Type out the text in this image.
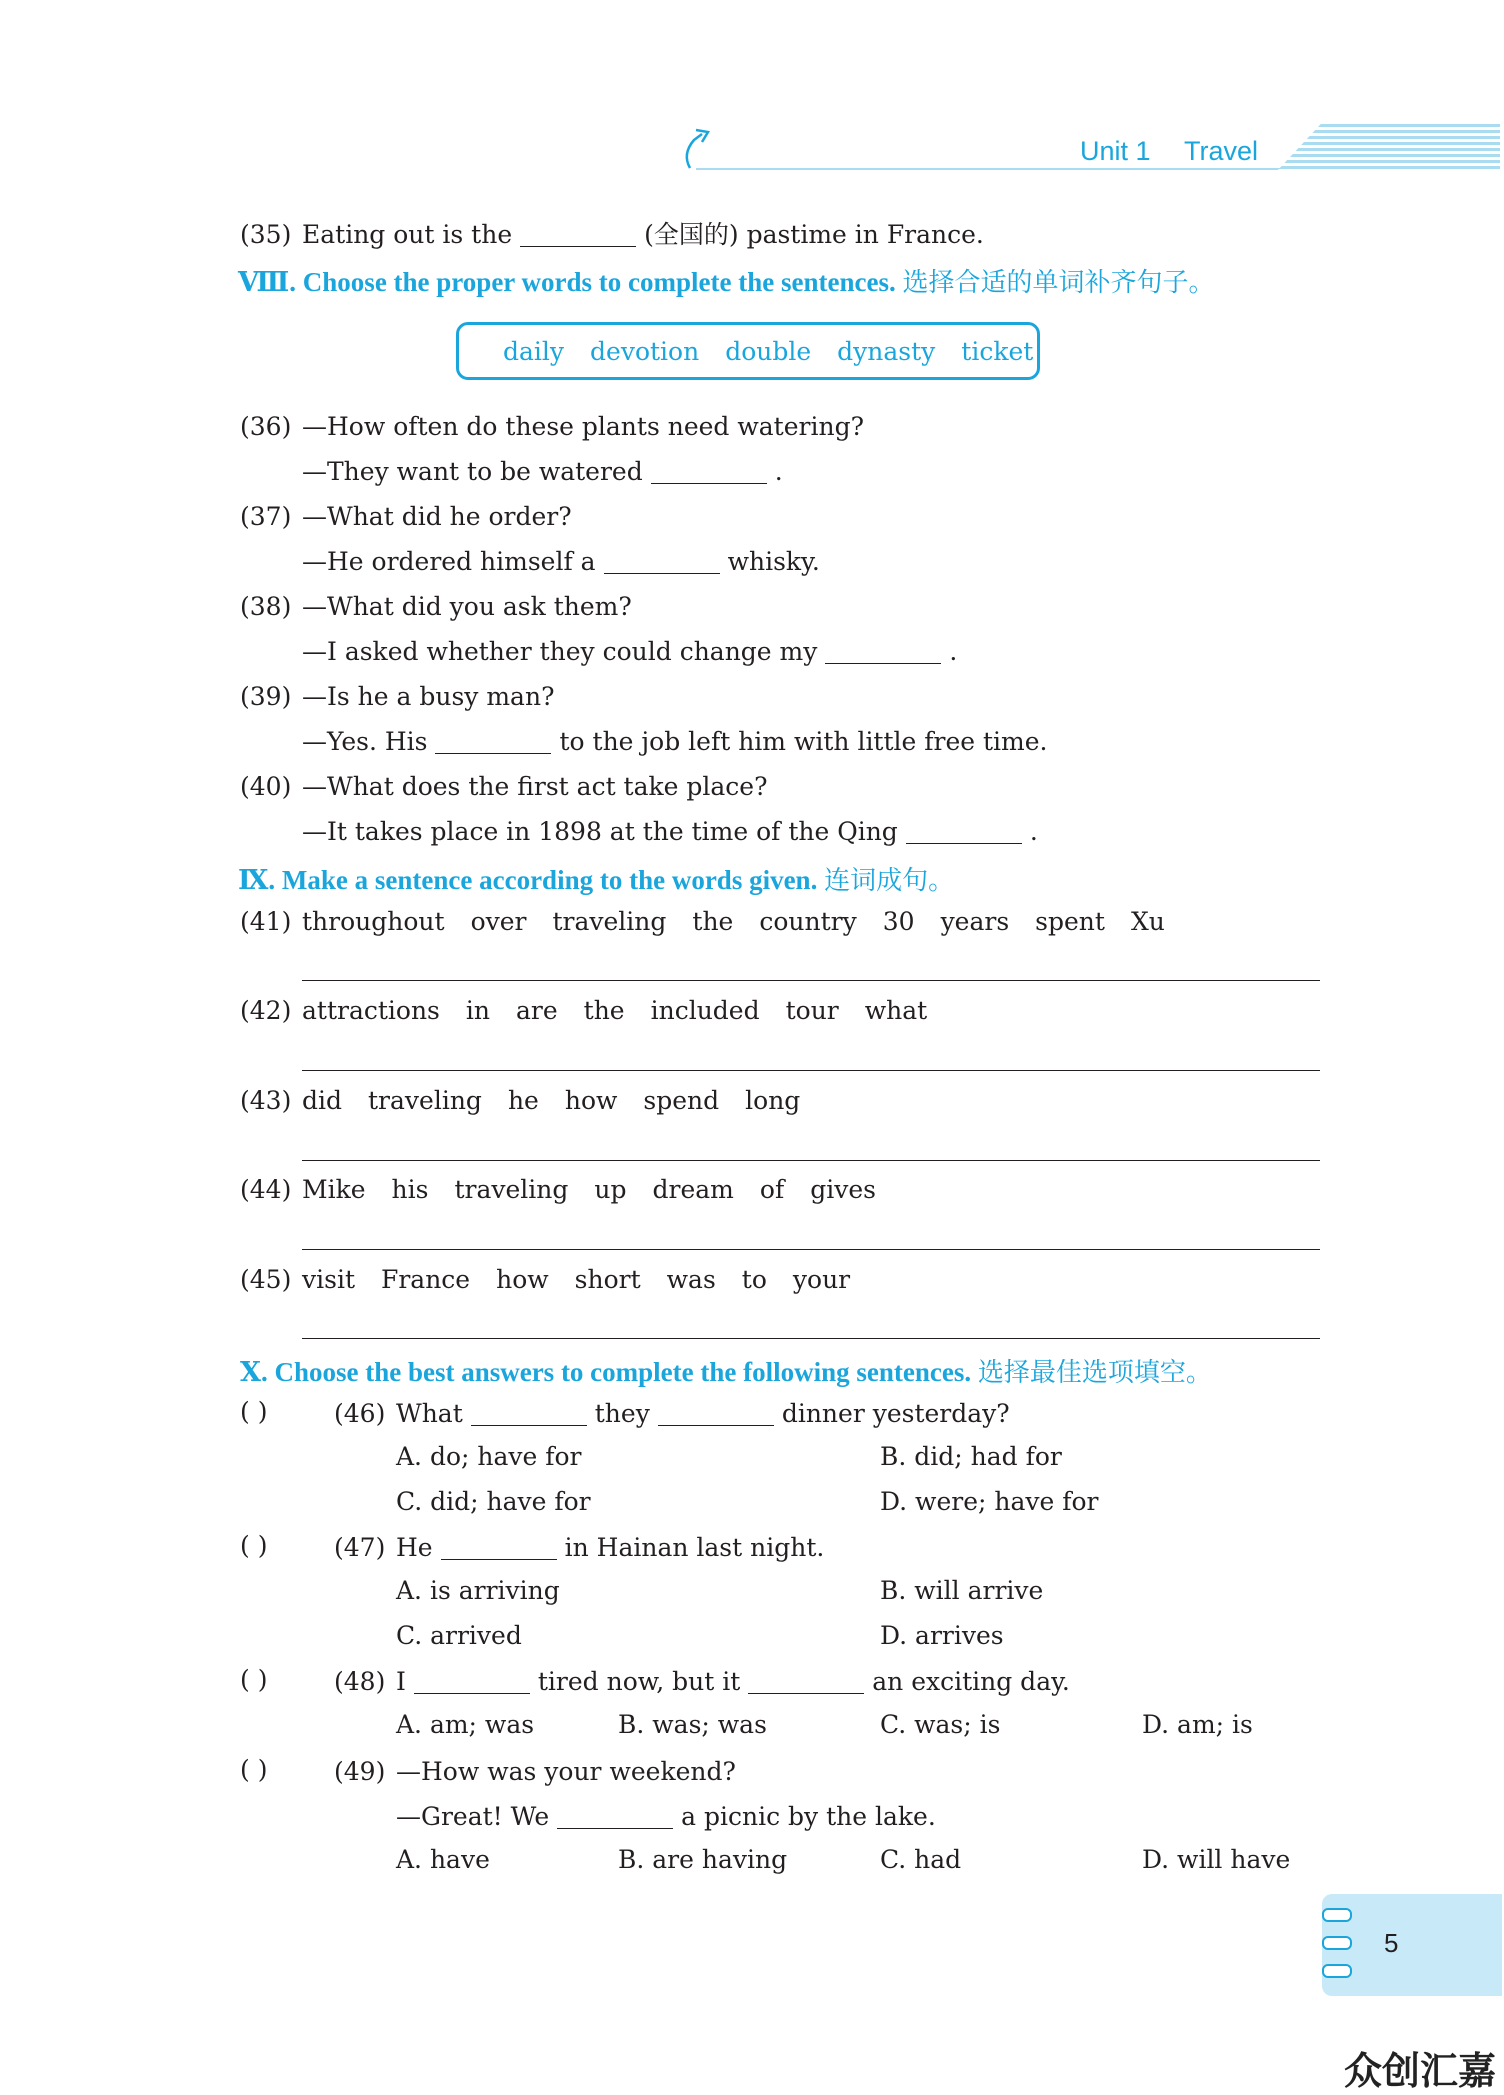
Unit 1 Travel
(35) Eating out is the	(全国的) pastime in France.
Ⅷ. Choose the proper words to complete the sentences. 选择合适的单词补齐句子。
daily devotion double dynasty ticket
(36) —How often do these plants need watering?
—They want to be watered	.
(37) —What did he order?
—He ordered himself a	whisky.
(38) —What did you ask them?
—I asked whether they could change my	.
(39) —Is he a busy man?
—Yes. His	to the job left him with little free time.
(40) —What does the first act take place?
—It takes place in 1898 at the time of the Qing	.
Ⅸ. Make a sentence according to the words given. 连词成句。
(41) throughout over traveling the country 30 years spent Xu
(42) attractions in are the included tour what
(43) did traveling he how spend long
(44) Mike his traveling up dream of gives
(45) visit France how short was to your
Ⅹ. Choose the best answers to complete the following sentences. 选择最佳选项填空。
( )	(46) What	they	dinner yesterday?
A. do; have for	B. did; had for
C. did; have for	D. were; have for
( )	(47) He	in Hainan last night.
A. is arriving	B. will arrive
C. arrived	D. arrives
( )	(48) I	tired now, but it	an exciting day.
A. am; was	B. was; was	C. was; is	D. am; is
( )	(49) —How was your weekend?
—Great! We	a picnic by the lake.
A. have	B. are having	C. had	D. will have
5
众创汇嘉
